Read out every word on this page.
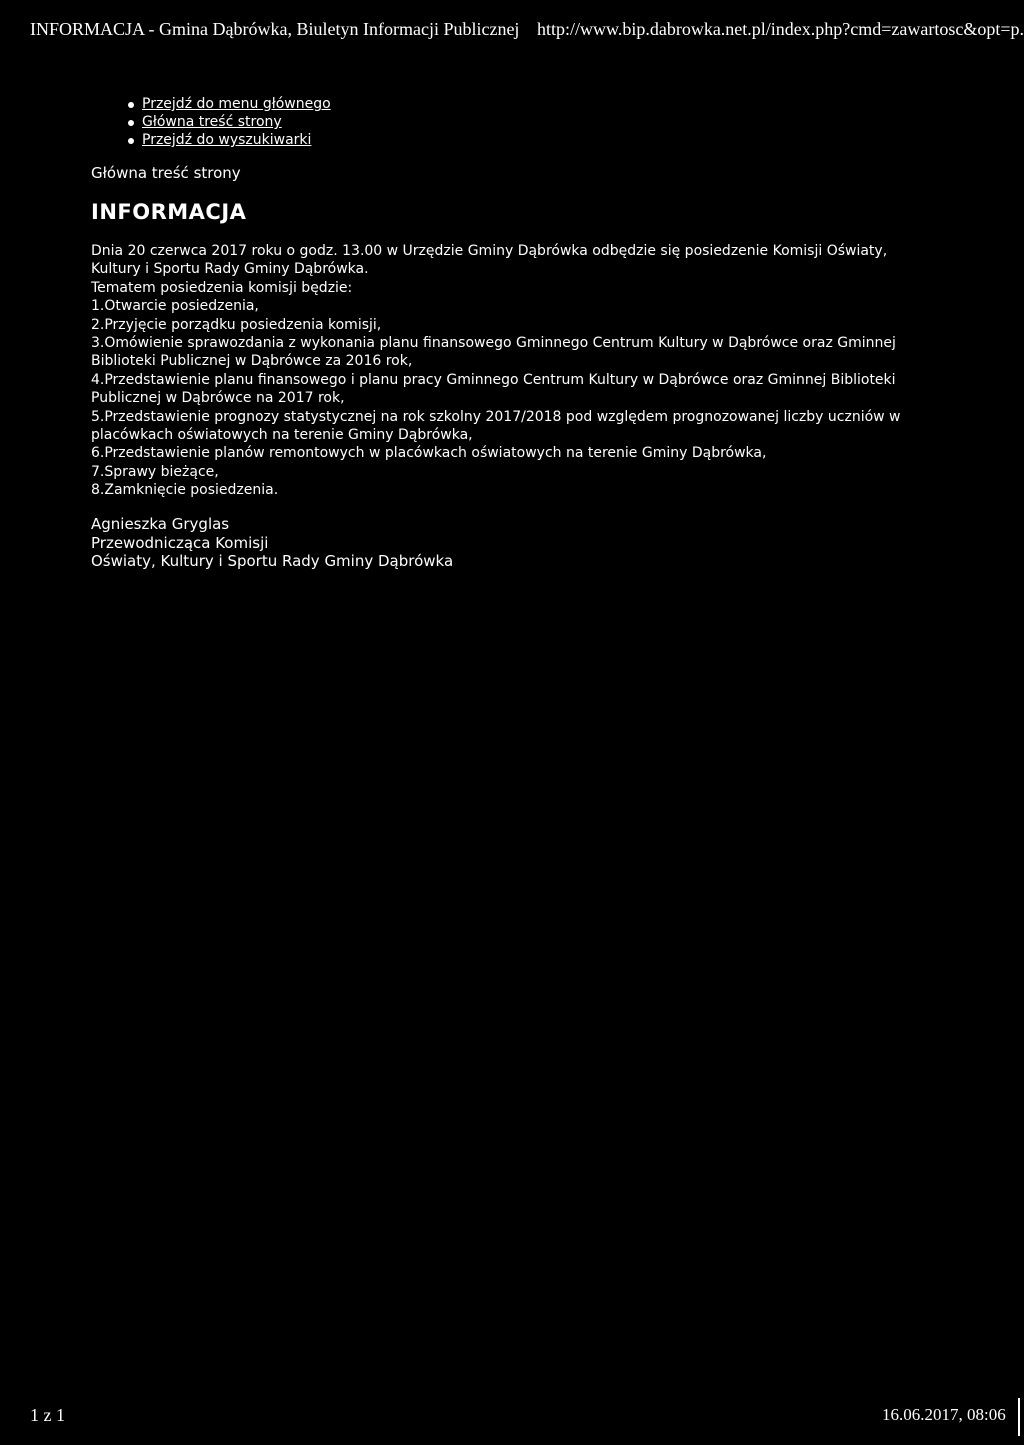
INFORMACJA - Gmina Dąbrówka, Biuletyn Informacji Publicznej http://www.bip.dabrowka.net.pl/index.php?cmd=zawartosc&opt=p.
Przejdź do menu głównego
Główna treść strony
Przejdź do wyszukiwarki
Główna treść strony
INFORMACJA

Dnia 20 czerwca 2017 roku o godz. 13.00 w Urzędzie Gminy Dąbrówka odbędzie się posiedzenie Komisji Oświaty, Kultury i Sportu Rady Gminy Dąbrówka.

Tematem posiedzenia komisji będzie:

1.Otwarcie posiedzenia,

2.Przyjęcie porządku posiedzenia komisji,

3.Omówienie sprawozdania z wykonania planu finansowego Gminnego Centrum Kultury w Dąbrówce oraz Gminnej Biblioteki Publicznej w Dąbrówce za 2016 rok,

4.Przedstawienie planu finansowego i planu pracy Gminnego Centrum Kultury w Dąbrówce oraz Gminnej Biblioteki Publicznej w Dąbrówce na 2017 rok,

5.Przedstawienie prognozy statystycznej na rok szkolny 2017/2018 pod względem prognozowanej liczby uczniów w placówkach oświatowych na terenie Gminy Dąbrówka,

6.Przedstawienie planów remontowych w placówkach oświatowych na terenie Gminy Dąbrówka,

7.Sprawy bieżące,

8.Zamknięcie posiedzenia.

Agnieszka Gryglas
Przewodnicząca Komisji
Oświaty, Kultury i Sportu Rady Gminy Dąbrówka
1 z 1	16.06.2017, 08:06
